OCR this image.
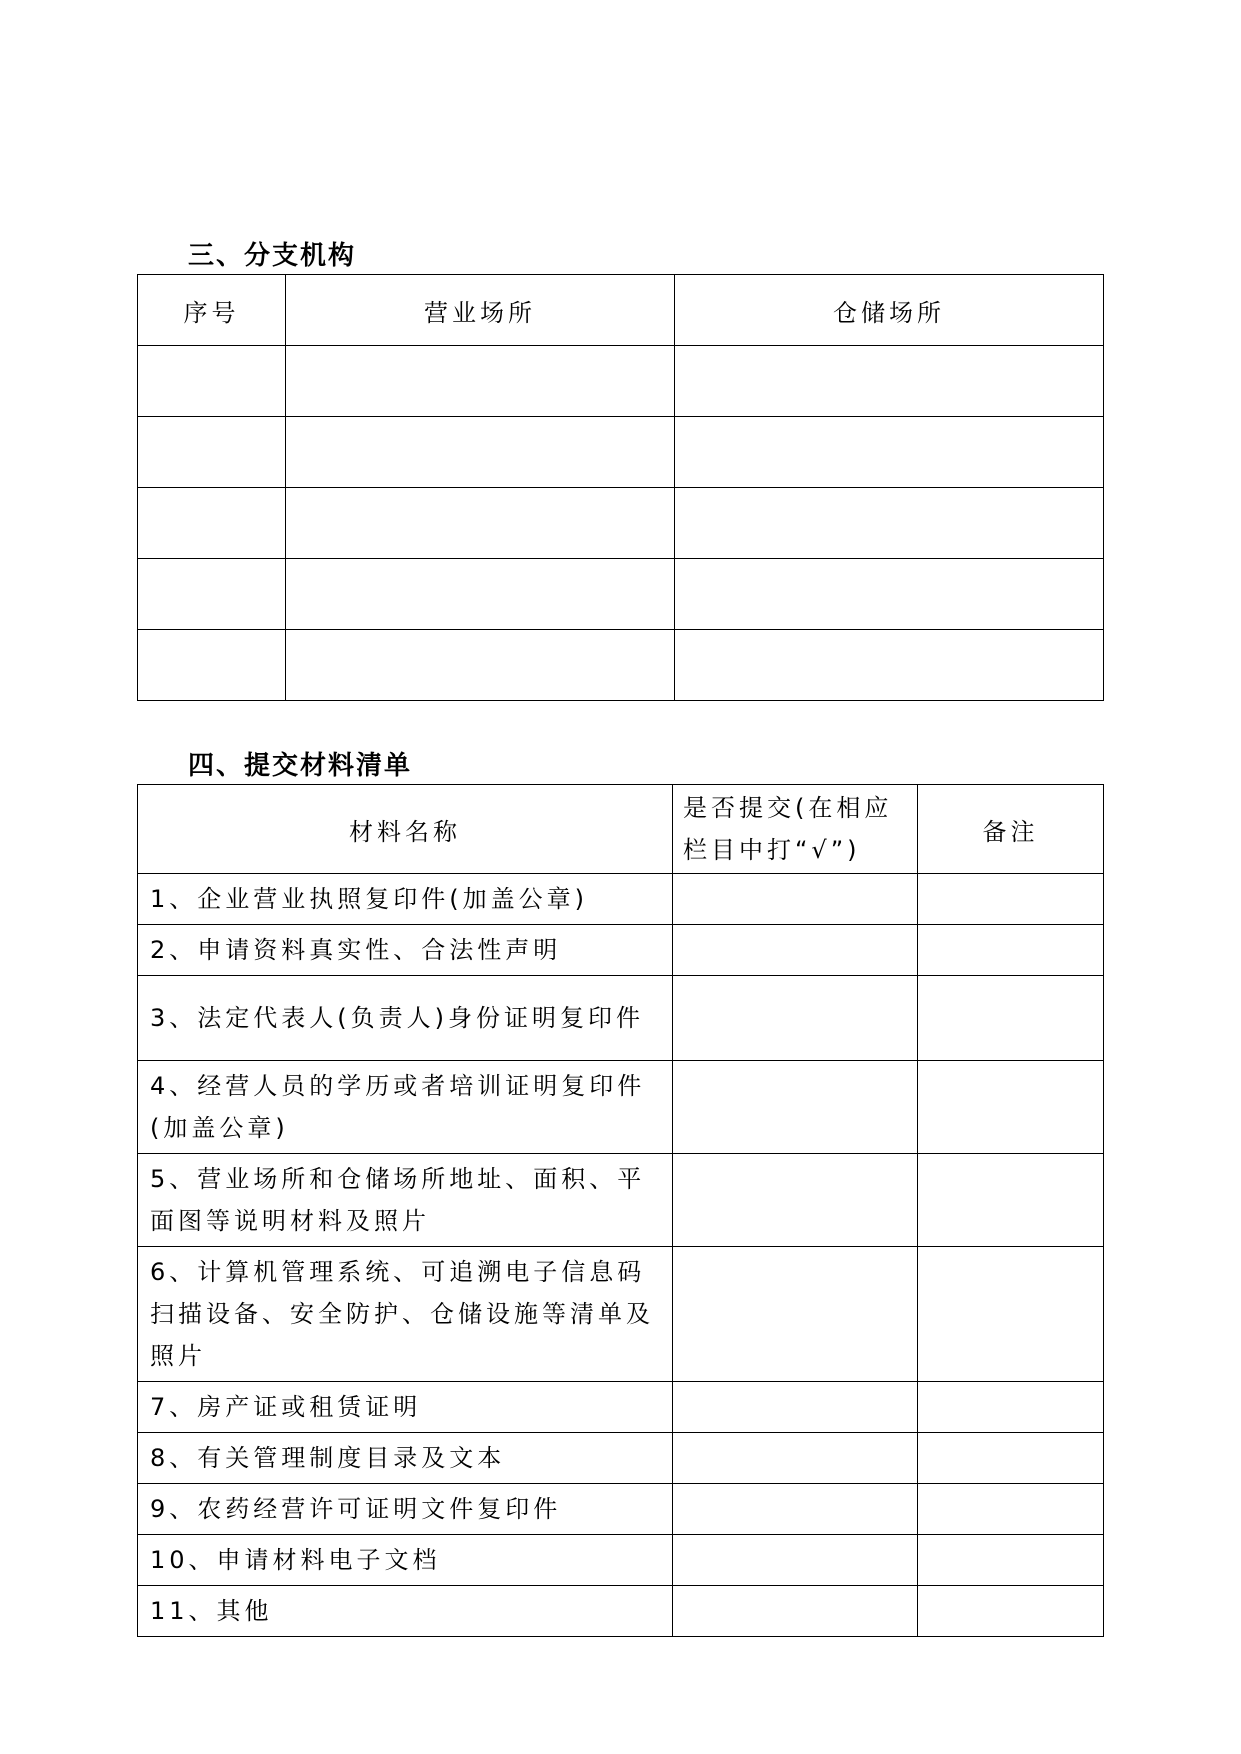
三、分支机构
序号	营业场所	仓储场所

四、提交材料清单
材料名称	是否提交(在相应栏目中打“√”)	备注
1、企业营业执照复印件(加盖公章)		
2、申请资料真实性、合法性声明		
3、法定代表人(负责人)身份证明复印件		
4、经营人员的学历或者培训证明复印件(加盖公章)		
5、营业场所和仓储场所地址、面积、平面图等说明材料及照片		
6、计算机管理系统、可追溯电子信息码扫描设备、安全防护、仓储设施等清单及照片		
7、房产证或租赁证明		
8、有关管理制度目录及文本		
9、农药经营许可证明文件复印件		
10、申请材料电子文档		
11、其他		
